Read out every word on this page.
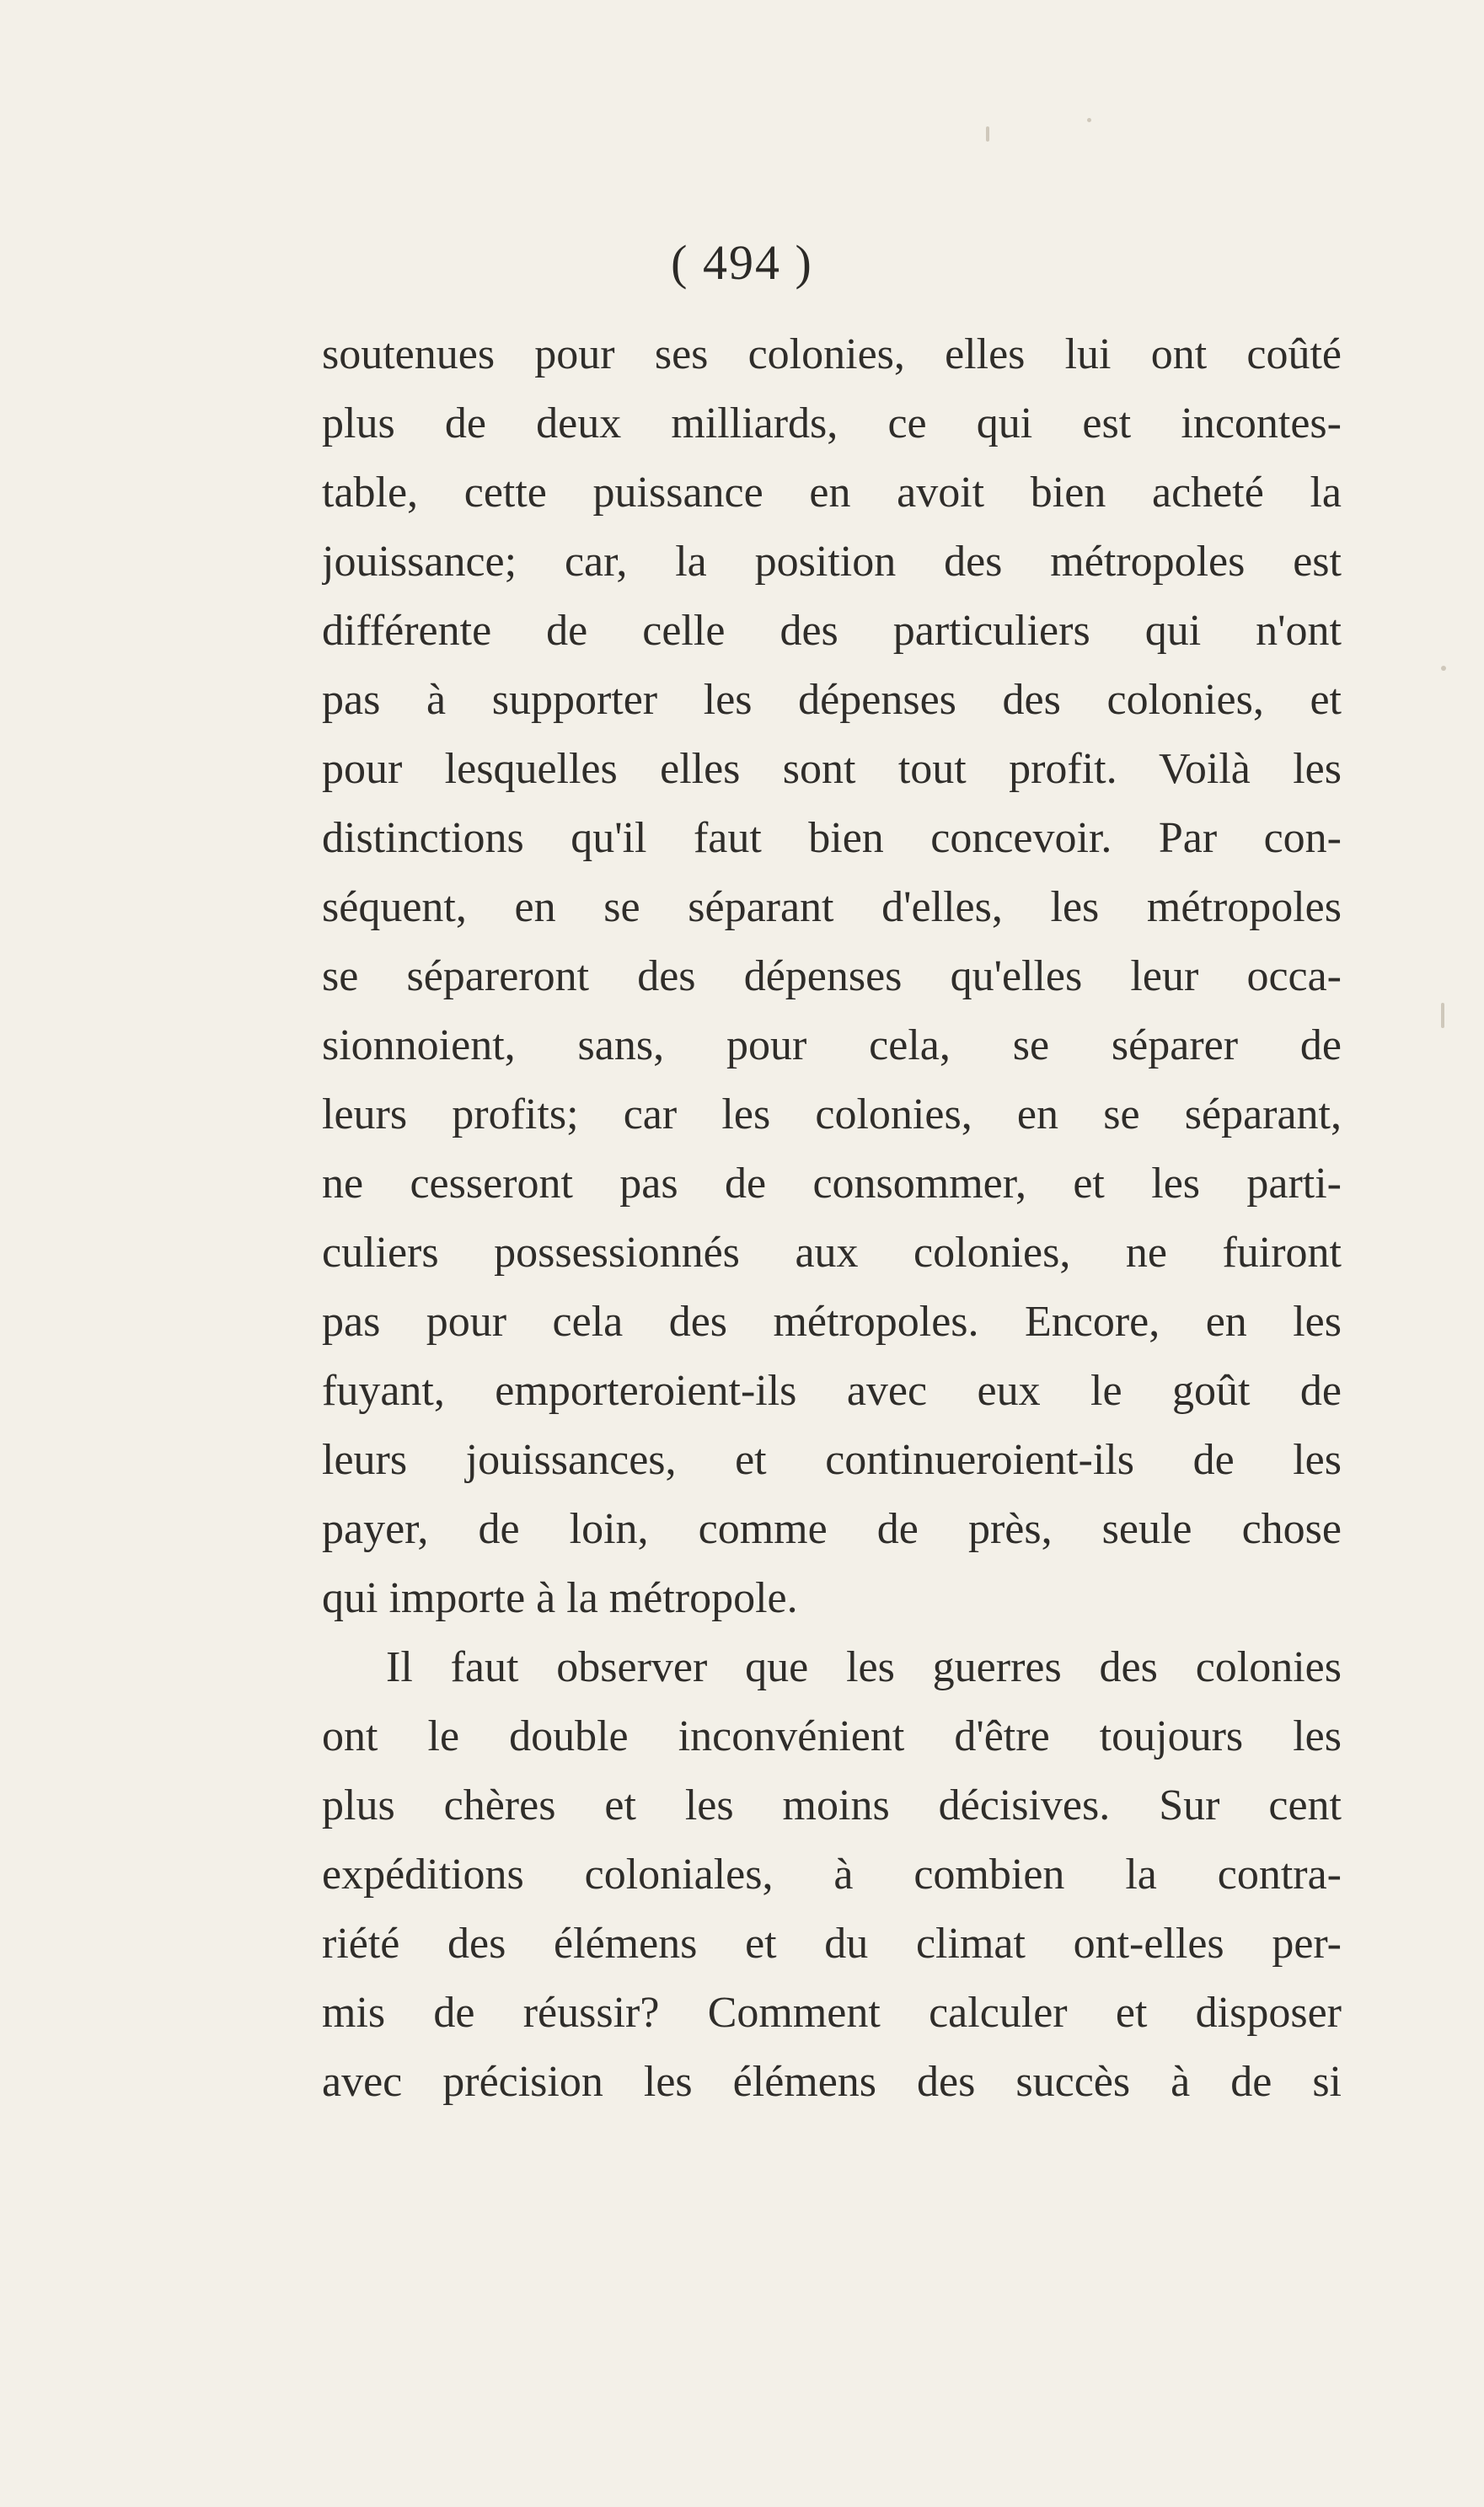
( 494 )
soutenues pour ses colonies, elles lui ont coûté
plus de deux milliards, ce qui est incontes-
table, cette puissance en avoit bien acheté la
jouissance; car, la position des métropoles est
différente de celle des particuliers qui n'ont
pas à supporter les dépenses des colonies, et
pour lesquelles elles sont tout profit. Voilà les
distinctions qu'il faut bien concevoir. Par con-
séquent, en se séparant d'elles, les métropoles
se sépareront des dépenses qu'elles leur occa-
sionnoient, sans, pour cela, se séparer de
leurs profits; car les colonies, en se séparant,
ne cesseront pas de consommer, et les parti-
culiers possessionnés aux colonies, ne fuiront
pas pour cela des métropoles. Encore, en les
fuyant, emporteroient-ils avec eux le goût de
leurs jouissances, et continueroient-ils de les
payer, de loin, comme de près, seule chose
qui importe à la métropole.
Il faut observer que les guerres des colonies
ont le double inconvénient d'être toujours les
plus chères et les moins décisives. Sur cent
expéditions coloniales, à combien la contra-
riété des élémens et du climat ont-elles per-
mis de réussir? Comment calculer et disposer
avec précision les élémens des succès à de si
